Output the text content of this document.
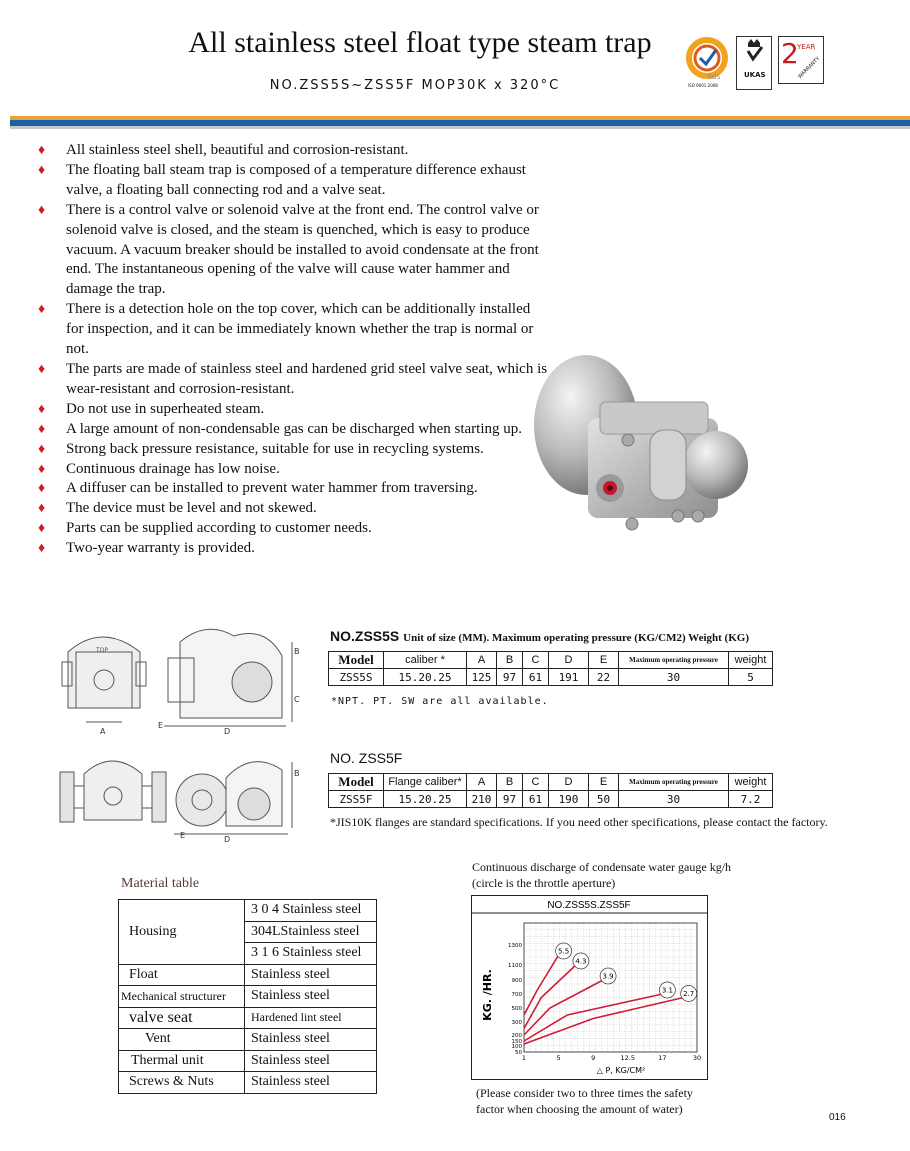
All stainless steel float type steam trap
NO.ZSS5S~ZSS5F MOP30K x 320°C
SGS
ISO 9001:2008
UKAS
2
YEAR
WARRANTY
♦ All stainless steel shell, beautiful and corrosion-resistant.
♦ The floating ball steam trap is composed of a temperature difference exhaust valve, a floating ball connecting rod and a valve seat.
♦ There is a control valve or solenoid valve at the front end. The control valve or solenoid valve is closed, and the steam is quenched, which is easy to produce vacuum. A vacuum breaker should be installed to avoid condensate at the front end. The instantaneous opening of the valve will cause water hammer and damage the trap.
♦ There is a detection hole on the top cover, which can be additionally installed for inspection, and it can be immediately known whether the trap is normal or not.
♦ The parts are made of stainless steel and hardened grid steel valve seat, which is wear-resistant and corrosion-resistant.
♦ Do not use in superheated steam.
♦ A large amount of non-condensable gas can be discharged when starting up.
♦ Strong back pressure resistance, suitable for use in recycling systems.
♦ Continuous drainage has low noise.
♦ A diffuser can be installed to prevent water hammer from traversing.
♦ The device must be level and not skewed.
♦ Parts can be supplied according to customer needs.
♦ Two-year warranty is provided.
TOP	B
C
A
E
D
B
E	D
NO.ZSS5S Unit of size (MM). Maximum operating pressure (KG/CM2) Weight (KG)
Model	caliber *	A	B	C	D	E	Maximum operating pressure	weight
ZSS5S	15.20.25	125	97	61	191	22	30	5
*NPT. PT. SW are all available.
NO. ZSS5F
Model	Flange caliber*	A	B	C	D	E	Maximum operating pressure	weight
ZSS5F	15.20.25	210	97	61	190	50	30	7.2
*JIS10K flanges are standard specifications. If you need other specifications, please contact the factory.
Material table
Housing	3 0 4 Stainless steel
	304LStainless steel
	3 1 6 Stainless steel
Float	Stainless steel
Mechanical structurer	Stainless steel
valve seat	Hardened lint steel
Vent	Stainless steel
Thermal unit	Stainless steel
Screws & Nuts	Stainless steel
Continuous discharge of condensate water gauge kg/h
(circle is the throttle aperture)
NO.ZSS5S.ZSS5F
KG. /HR.
△ P, KG/CM²
1	5	9	12.5	17	30
50
100
150
200
300
500
700
900
1100
1300
5.5
4.3
3.9
3.1 2.7
(Please consider two to three times the safety
factor when choosing the amount of water)
016
